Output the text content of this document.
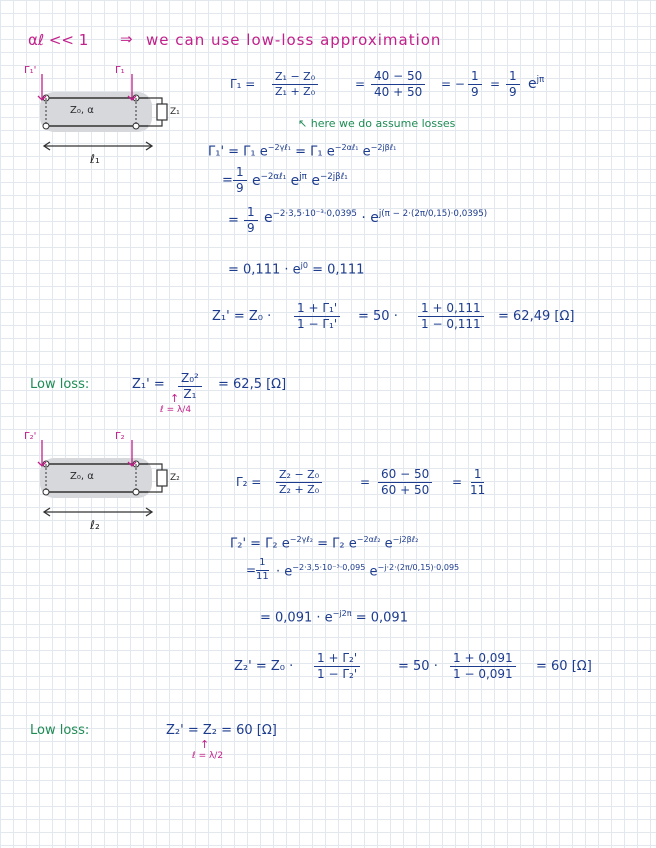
αℓ << 1 ⇒ we can use low-loss approximation
Γ₁'	Γ₁
Z₀, α	Z₁
ℓ₁
$\Gamma_1 = \frac{\text{Z₁ − Z₀}}{\text{Z₁ + Z₀}}$	= $\frac{40 - 50}{40 + 50}$ = − $\frac{1}{9} = \frac{1}{9} e^{j\pi}$
↖ here we do assume losses
Γ₁' = Γ₁ $e^{-2\gamma\ell_1} = \Gamma_1$ $e^{-2\alpha\ell_1}$ $e^{-2j\beta\ell_1}$
= $\frac{1}{9} e^{-2\alpha\ell_1}$ $e^{j\pi}$ $e^{-2j\beta\ell_1}$
= $\frac{1}{9} e^{-2\cdot 3,5\cdot 10^{-3}\cdot 0,0395} \cdot e^{j(\pi - 2\cdot(2\pi/0,15)\cdot 0,0395)}$
= $0,111 \cdot e^{j0} = 0,111$
$Z_1' = Z_0 \cdot \frac{\text{1 + Γ₁'}}{\text{1 − Γ₁'}} = 50 \cdot \frac{1 + 0,111}{1 - 0,111} = 62,49$ [Ω]
Low loss:	$Z_1' = \frac{\text{Z₀²}}{\text{Z₁}} = 62,5$ [Ω]
↑
ℓ = λ/4
Γ₂'	Γ₂
Z₀, α	Z₂
ℓ₂
$\Gamma_2 = \frac{\text{Z₂ − Z₀}}{\text{Z₂ + Z₀}}$	= $\frac{60 - 50}{60 + 50} = \frac{1}{11}$
Γ₂' = Γ₂ $e^{-2\gamma\ell_2} = \Gamma_2$ $e^{-2\alpha\ell_2}$ $e^{-j2\beta\ell_2}$
= $\frac{1}{11} \cdot e^{-2\cdot 3,5\cdot 10^{-3}\cdot 0,095}$ $e^{-j\cdot 2\cdot(2\pi/0,15)\cdot 0,095}$
= $0,091 \cdot e^{-j2\pi} = 0,091$
$Z_2' = Z_0 \cdot \frac{\text{1 + Γ₂'}}{\text{1 − Γ₂'}}$	= $50 \cdot \frac{1 + 0,091}{1 - 0,091} = 60$ [Ω]
Low loss:	Z₂' = Z₂ = 60 [Ω]
↑
ℓ = λ/2
